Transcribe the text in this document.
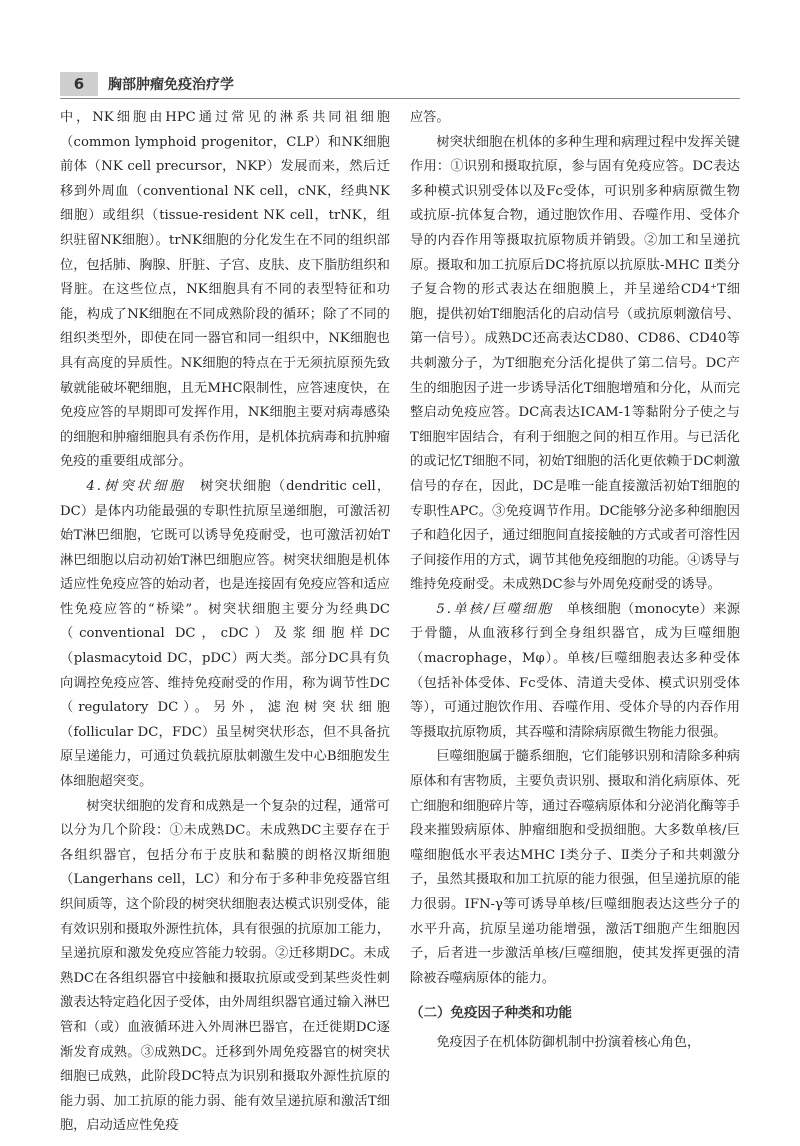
6	胸部肿瘤免疫治疗学

中，NK细胞由HPC通过常见的淋系共同祖细胞（common lymphoid progenitor，CLP）和NK细胞前体（NK cell precursor，NKP）发展而来，然后迁移到外周血（conventional NK cell，cNK，经典NK细胞）或组织（tissue-resident NK cell，trNK，组织驻留NK细胞）。trNK细胞的分化发生在不同的组织部位，包括肺、胸腺、肝脏、子宫、皮肤、皮下脂肪组织和肾脏。在这些位点，NK细胞具有不同的表型特征和功能，构成了NK细胞在不同成熟阶段的循环；除了不同的组织类型外，即使在同一器官和同一组织中，NK细胞也具有高度的异质性。NK细胞的特点在于无须抗原预先致敏就能破坏靶细胞，且无MHC限制性，应答速度快，在免疫应答的早期即可发挥作用，NK细胞主要对病毒感染的细胞和肿瘤细胞具有杀伤作用，是机体抗病毒和抗肿瘤免疫的重要组成部分。

4.树突状细胞　 树突状细胞（dendritic cell，DC）是体内功能最强的专职性抗原呈递细胞，可激活初始T淋巴细胞，它既可以诱导免疫耐受，也可激活初始T淋巴细胞以启动初始T淋巴细胞应答。树突状细胞是机体适应性免疫应答的始动者，也是连接固有免疫应答和适应性免疫应答的“桥梁”。树突状细胞主要分为经典DC（conventional DC，cDC）及浆细胞样DC（plasmacytoid DC，pDC）两大类。部分DC具有负向调控免疫应答、维持免疫耐受的作用，称为调节性DC（regulatory DC）。另外，滤泡树突状细胞（follicular DC，FDC）虽呈树突状形态，但不具备抗原呈递能力，可通过负载抗原肽刺激生发中心B细胞发生体细胞超突变。

树突状细胞的发育和成熟是一个复杂的过程，通常可以分为几个阶段：①未成熟DC。未成熟DC主要存在于各组织器官，包括分布于皮肤和黏膜的朗格汉斯细胞（Langerhans cell，LC）和分布于多种非免疫器官组织间质等，这个阶段的树突状细胞表达模式识别受体，能有效识别和摄取外源性抗体，具有很强的抗原加工能力，呈递抗原和激发免疫应答能力较弱。②迁移期DC。未成熟DC在各组织器官中接触和摄取抗原或受到某些炎性刺激表达特定趋化因子受体，由外周组织器官通过输入淋巴管和（或）血液循环进入外周淋巴器官，在迁徙期DC逐渐发育成熟。③成熟DC。迁移到外周免疫器官的树突状细胞已成熟，此阶段DC特点为识别和摄取外源性抗原的能力弱、加工抗原的能力弱、能有效呈递抗原和激活T细胞，启动适应性免疫

应答。

树突状细胞在机体的多种生理和病理过程中发挥关键作用：①识别和摄取抗原，参与固有免疫应答。DC表达多种模式识别受体以及Fc受体，可识别多种病原微生物或抗原-抗体复合物，通过胞饮作用、吞噬作用、受体介导的内吞作用等摄取抗原物质并销毁。②加工和呈递抗原。摄取和加工抗原后DC将抗原以抗原肽-MHC Ⅱ类分子复合物的形式表达在细胞膜上，并呈递给CD4⁺T细胞，提供初始T细胞活化的启动信号（或抗原刺激信号、第一信号）。成熟DC还高表达CD80、CD86、CD40等共刺激分子，为T细胞充分活化提供了第二信号。DC产生的细胞因子进一步诱导活化T细胞增殖和分化，从而完整启动免疫应答。DC高表达ICAM-1等黏附分子使之与T细胞牢固结合，有利于细胞之间的相互作用。与已活化的或记忆T细胞不同，初始T细胞的活化更依赖于DC刺激信号的存在，因此，DC是唯一能直接激活初始T细胞的专职性APC。③免疫调节作用。DC能够分泌多种细胞因子和趋化因子，通过细胞间直接接触的方式或者可溶性因子间接作用的方式，调节其他免疫细胞的功能。④诱导与维持免疫耐受。未成熟DC参与外周免疫耐受的诱导。

5.单核/巨噬细胞　 单核细胞（monocyte）来源于骨髓，从血液移行到全身组织器官，成为巨噬细胞（macrophage，Mφ）。单核/巨噬细胞表达多种受体（包括补体受体、Fc受体、清道夫受体、模式识别受体等），可通过胞饮作用、吞噬作用、受体介导的内吞作用等摄取抗原物质，其吞噬和清除病原微生物能力很强。

巨噬细胞属于髓系细胞，它们能够识别和清除多种病原体和有害物质，主要负责识别、摄取和消化病原体、死亡细胞和细胞碎片等，通过吞噬病原体和分泌消化酶等手段来摧毁病原体、肿瘤细胞和受损细胞。大多数单核/巨噬细胞低水平表达MHC Ⅰ类分子、Ⅱ类分子和共刺激分子，虽然其摄取和加工抗原的能力很强，但呈递抗原的能力很弱。IFN-γ等可诱导单核/巨噬细胞表达这些分子的水平升高，抗原呈递功能增强，激活T细胞产生细胞因子，后者进一步激活单核/巨噬细胞，使其发挥更强的清除被吞噬病原体的能力。

（二）免疫因子种类和功能

免疫因子在机体防御机制中扮演着核心角色，
